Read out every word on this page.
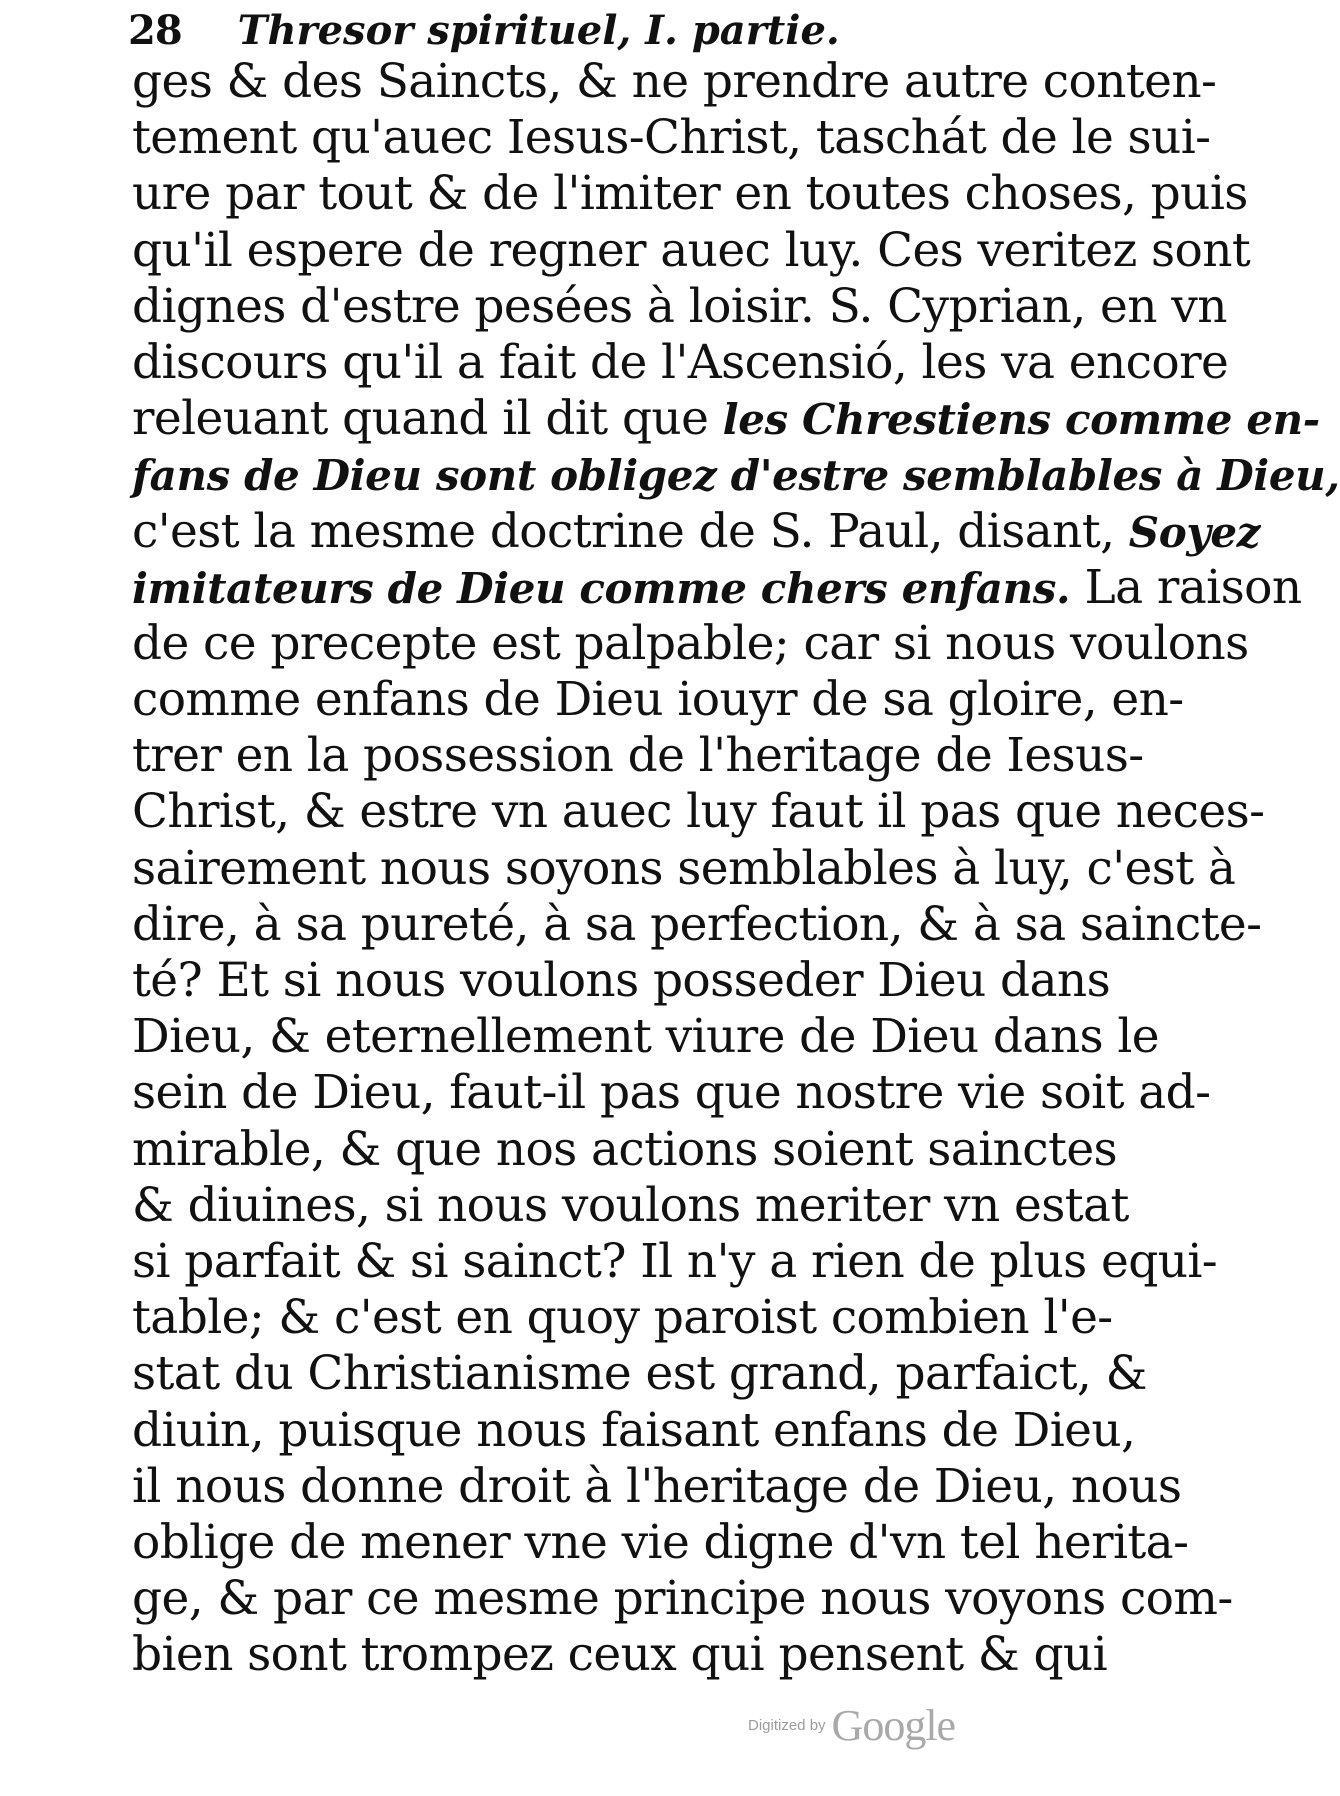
28 Thresor spirituel, I. partie.
ges & des Saincts, & ne prendre autre conten-
tement qu'auec Iesus-Christ, taschát de le sui-
ure par tout & de l'imiter en toutes choses, puis
qu'il espere de regner auec luy. Ces veritez sont
dignes d'estre pesées à loisir. S. Cyprian, en vn
discours qu'il a fait de l'Ascensió, les va encore
releuant quand il dit que les Chrestiens comme en-
fans de Dieu sont obligez d'estre semblables à Dieu,
c'est la mesme doctrine de S. Paul, disant, Soyez
imitateurs de Dieu comme chers enfans. La raison
de ce precepte est palpable; car si nous voulons
comme enfans de Dieu iouyr de sa gloire, en-
trer en la possession de l'heritage de Iesus-
Christ, & estre vn auec luy faut il pas que neces-
sairement nous soyons semblables à luy, c'est à
dire, à sa pureté, à sa perfection, & à sa saincte-
té? Et si nous voulons posseder Dieu dans
Dieu, & eternellement viure de Dieu dans le
sein de Dieu, faut-il pas que nostre vie soit ad-
mirable, & que nos actions soient sainctes
& diuines, si nous voulons meriter vn estat
si parfait & si sainct? Il n'y a rien de plus equi-
table; & c'est en quoy paroist combien l'e-
stat du Christianisme est grand, parfaict, &
diuin, puisque nous faisant enfans de Dieu,
il nous donne droit à l'heritage de Dieu, nous
oblige de mener vne vie digne d'vn tel herita-
ge, & par ce mesme principe nous voyons com-
bien sont trompez ceux qui pensent & qui
Digitized by Google
